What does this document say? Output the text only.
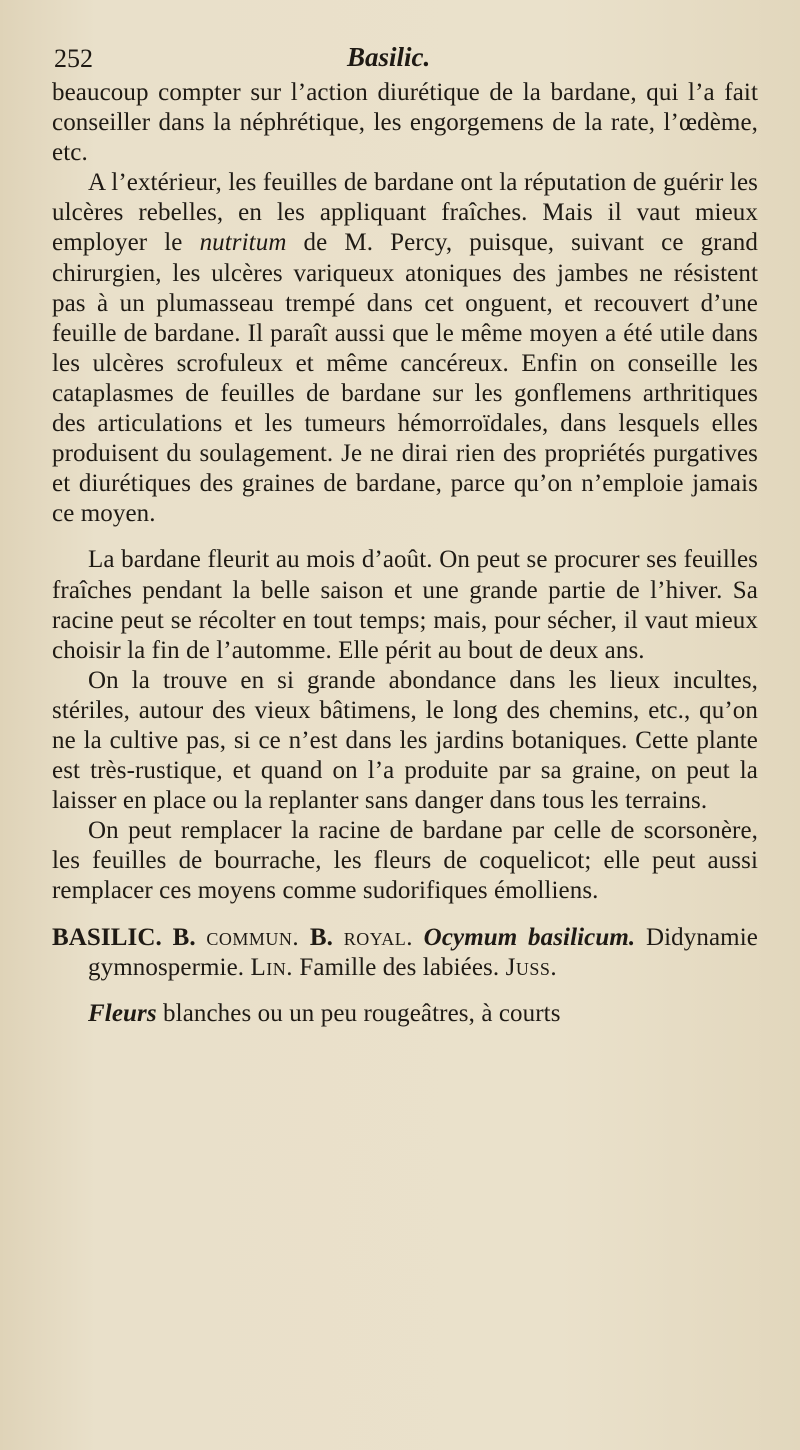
252	Basilic.

beaucoup compter sur l’action diurétique de la bardane, qui l’a fait conseiller dans la néphrétique, les engorgemens de la rate, l’œdème, etc.

A l’extérieur, les feuilles de bardane ont la réputation de guérir les ulcères rebelles, en les appliquant fraîches. Mais il vaut mieux employer le nutritum de M. Percy, puisque, suivant ce grand chirurgien, les ulcères variqueux atoniques des jambes ne résistent pas à un plumasseau trempé dans cet onguent, et recouvert d’une feuille de bardane. Il paraît aussi que le même moyen a été utile dans les ulcères scrofuleux et même cancéreux. Enfin on conseille les cataplasmes de feuilles de bardane sur les gonflemens arthritiques des articulations et les tumeurs hémorroïdales, dans lesquels elles produisent du soulagement. Je ne dirai rien des propriétés purgatives et diurétiques des graines de bardane, parce qu’on n’emploie jamais ce moyen.

La bardane fleurit au mois d’août. On peut se procurer ses feuilles fraîches pendant la belle saison et une grande partie de l’hiver. Sa racine peut se récolter en tout temps; mais, pour sécher, il vaut mieux choisir la fin de l’automme. Elle périt au bout de deux ans.

On la trouve en si grande abondance dans les lieux incultes, stériles, autour des vieux bâtimens, le long des chemins, etc., qu’on ne la cultive pas, si ce n’est dans les jardins botaniques. Cette plante est très-rustique, et quand on l’a produite par sa graine, on peut la laisser en place ou la replanter sans danger dans tous les terrains.

On peut remplacer la racine de bardane par celle de scorsonère, les feuilles de bourrache, les fleurs de coquelicot; elle peut aussi remplacer ces moyens comme sudorifiques émolliens.

BASILIC. B. commun. B. royal. Ocymum basilicum. Didynamie gymnospermie. Lin. Famille des labiées. Juss.

Fleurs blanches ou un peu rougeâtres, à courts
